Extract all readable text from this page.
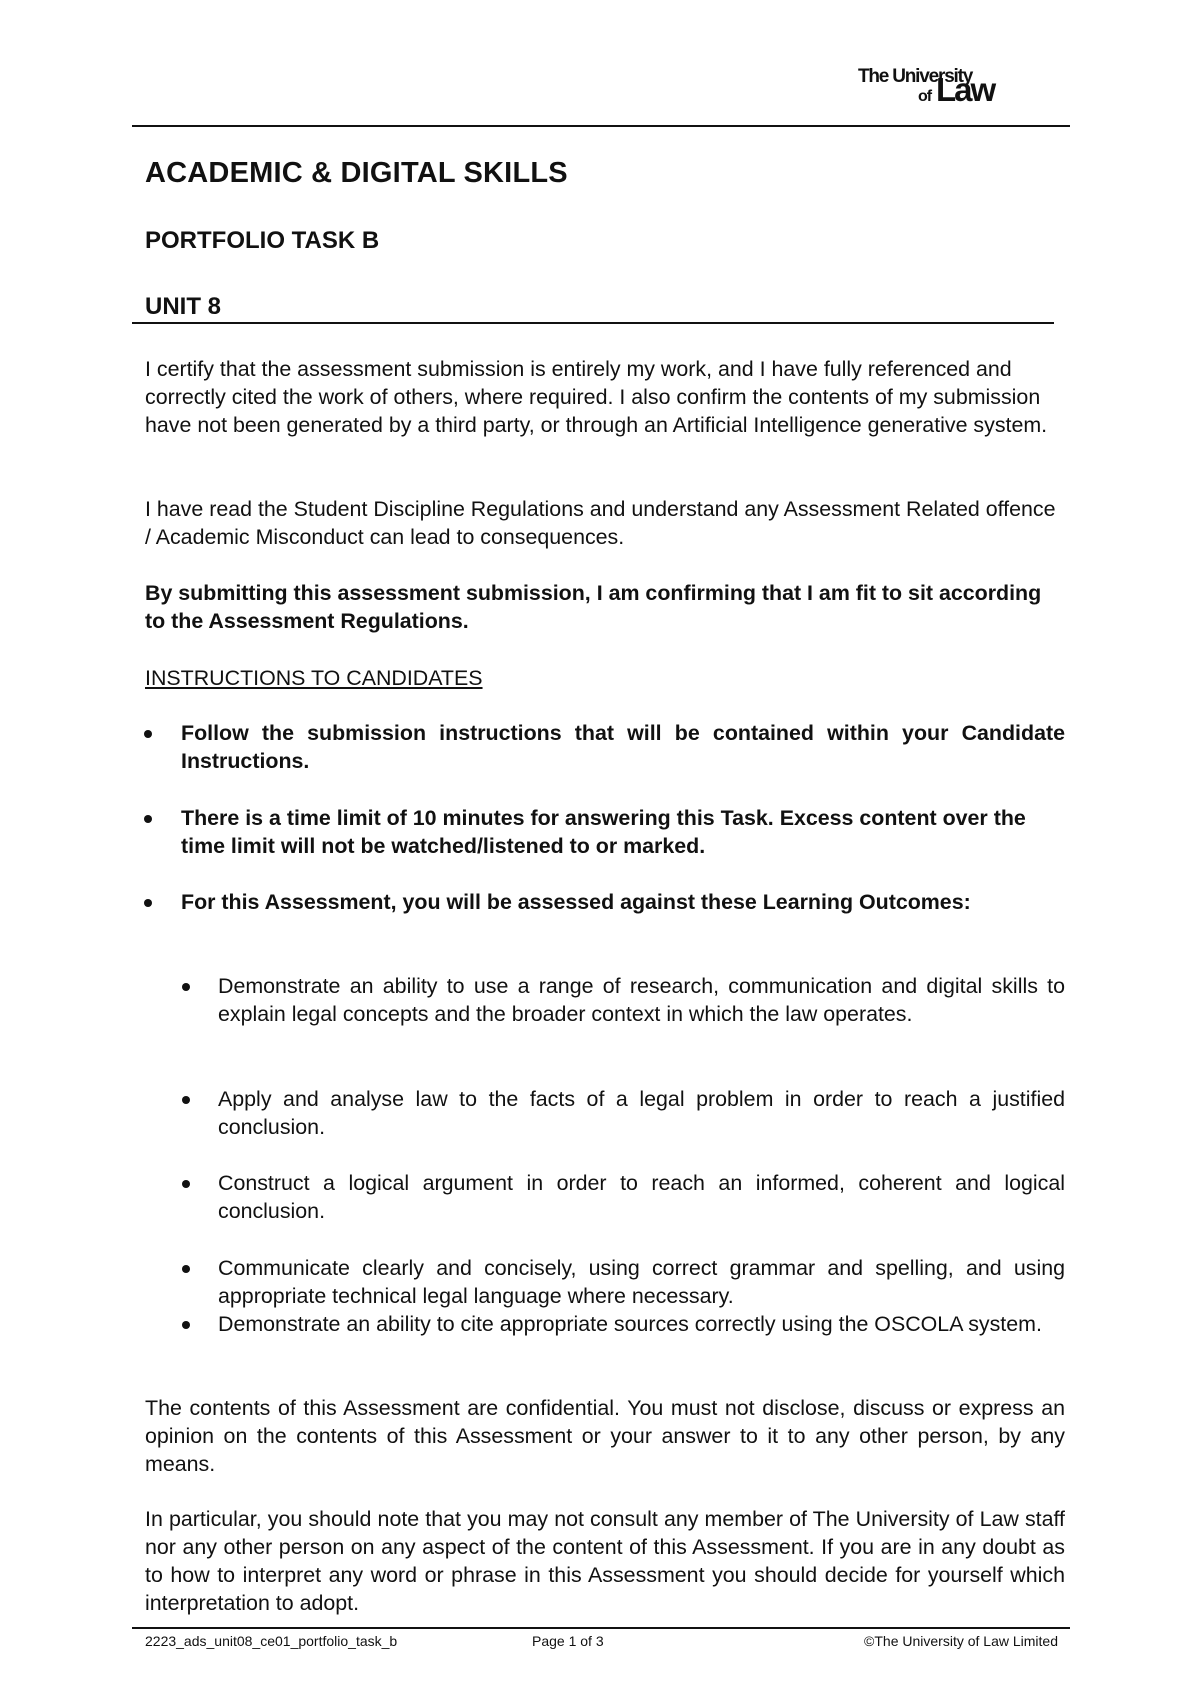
The University
of Law
ACADEMIC & DIGITAL SKILLS
PORTFOLIO TASK B
UNIT 8

I certify that the assessment submission is entirely my work, and I have fully referenced and correctly cited the work of others, where required. I also confirm the contents of my submission have not been generated by a third party, or through an Artificial Intelligence generative system.

I have read the Student Discipline Regulations and understand any Assessment Related offence / Academic Misconduct can lead to consequences.

By submitting this assessment submission, I am confirming that I am fit to sit according to the Assessment Regulations.

INSTRUCTIONS TO CANDIDATES

Follow the submission instructions that will be contained within your Candidate Instructions.
There is a time limit of 10 minutes for answering this Task. Excess content over the time limit will not be watched/listened to or marked.
For this Assessment, you will be assessed against these Learning Outcomes:
Demonstrate an ability to use a range of research, communication and digital skills to explain legal concepts and the broader context in which the law operates.
Apply and analyse law to the facts of a legal problem in order to reach a justified conclusion.
Construct a logical argument in order to reach an informed, coherent and logical conclusion.
Communicate clearly and concisely, using correct grammar and spelling, and using appropriate technical legal language where necessary.
Demonstrate an ability to cite appropriate sources correctly using the OSCOLA system.

The contents of this Assessment are confidential. You must not disclose, discuss or express an opinion on the contents of this Assessment or your answer to it to any other person, by any means.

In particular, you should note that you may not consult any member of The University of Law staff nor any other person on any aspect of the content of this Assessment. If you are in any doubt as to how to interpret any word or phrase in this Assessment you should decide for yourself which interpretation to adopt.

2223_ads_unit08_ce01_portfolio_task_b	Page 1 of 3	©The University of Law Limited
